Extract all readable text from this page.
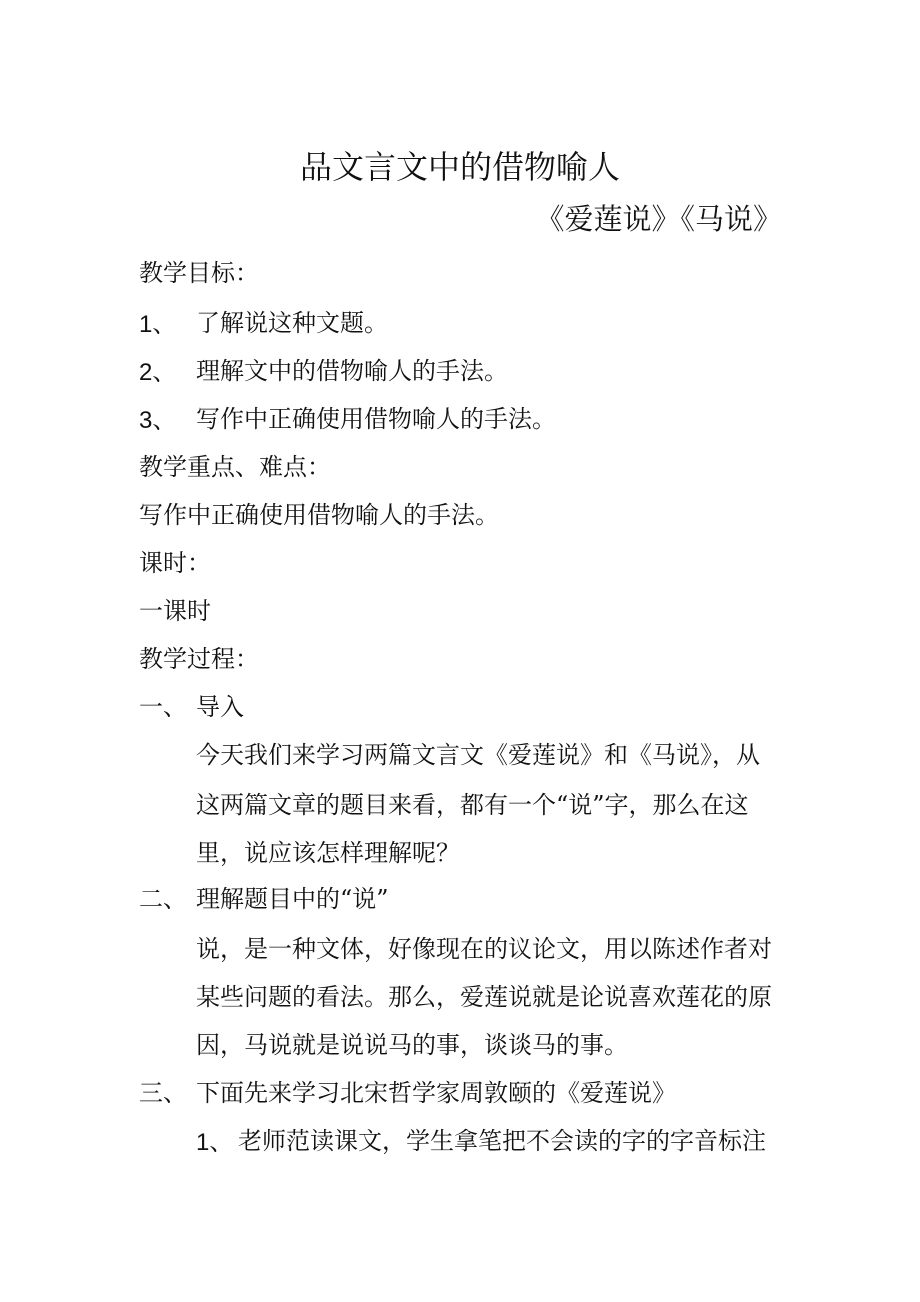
品文言文中的借物喻人
《爱莲说》《马说》
教学目标：
1、 了解说这种文题。
2、 理解文中的借物喻人的手法。
3、 写作中正确使用借物喻人的手法。
教学重点、难点：
写作中正确使用借物喻人的手法。
课时：
一课时
教学过程：
一、 导入
今天我们来学习两篇文言文《爱莲说》和《马说》，从
这两篇文章的题目来看，都有一个“说”字，那么在这
里，说应该怎样理解呢？
二、 理解题目中的“说”
说，是一种文体，好像现在的议论文，用以陈述作者对
某些问题的看法。那么，爱莲说就是论说喜欢莲花的原
因，马说就是说说马的事，谈谈马的事。
三、 下面先来学习北宋哲学家周敦颐的《爱莲说》
1、 老师范读课文，学生拿笔把不会读的字的字音标注
